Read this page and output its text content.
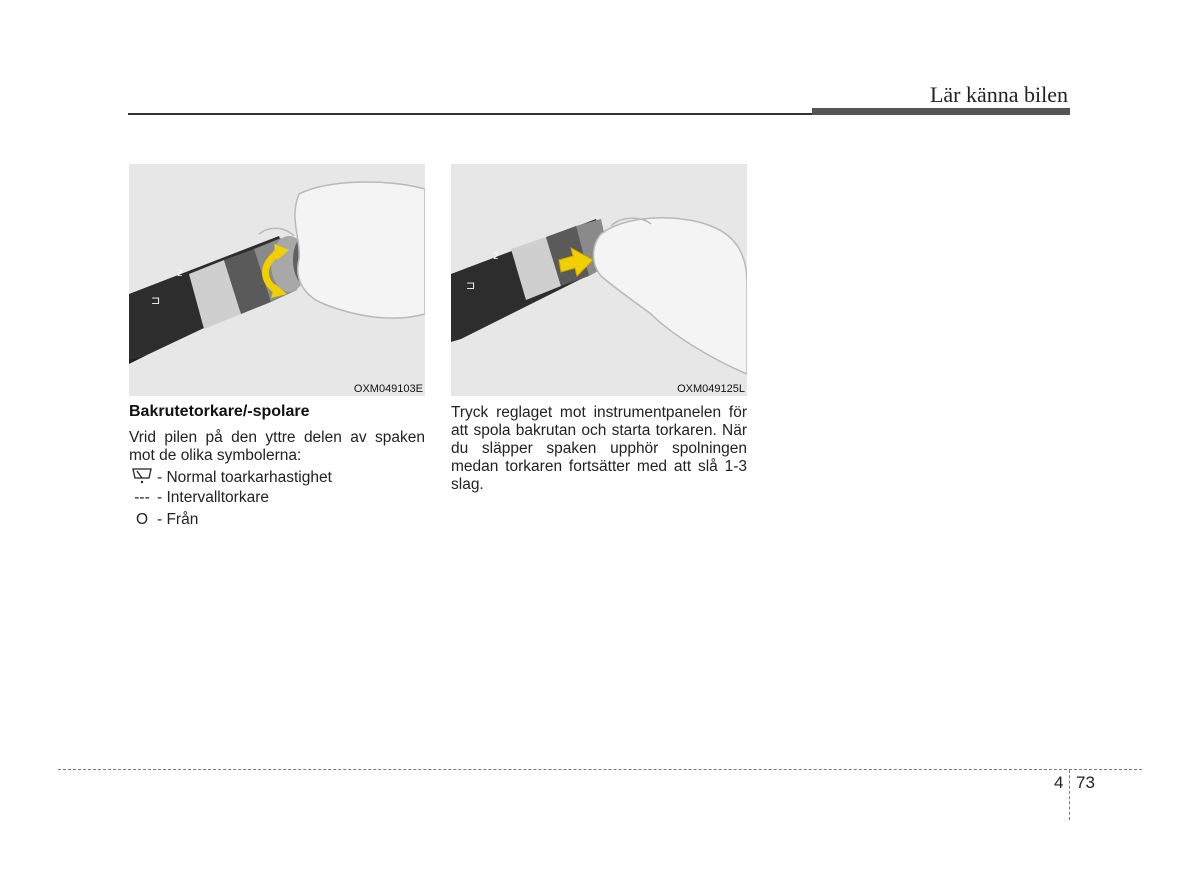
Lär känna bilen
⊐
2
OXM049103E
⊐
2
OXM049125L
Bakrutetorkare/-spolare

Vrid pilen på den yttre delen av spaken mot de olika symbolerna:

- Normal toarkarhastighet
--- - Intervalltorkare
O - Från

Tryck reglaget mot instrumentpanelen för att spola bakrutan och starta torkaren. När du släpper spaken upphör spolningen medan torkaren fortsätter med att slå 1-3 slag.

4 73
